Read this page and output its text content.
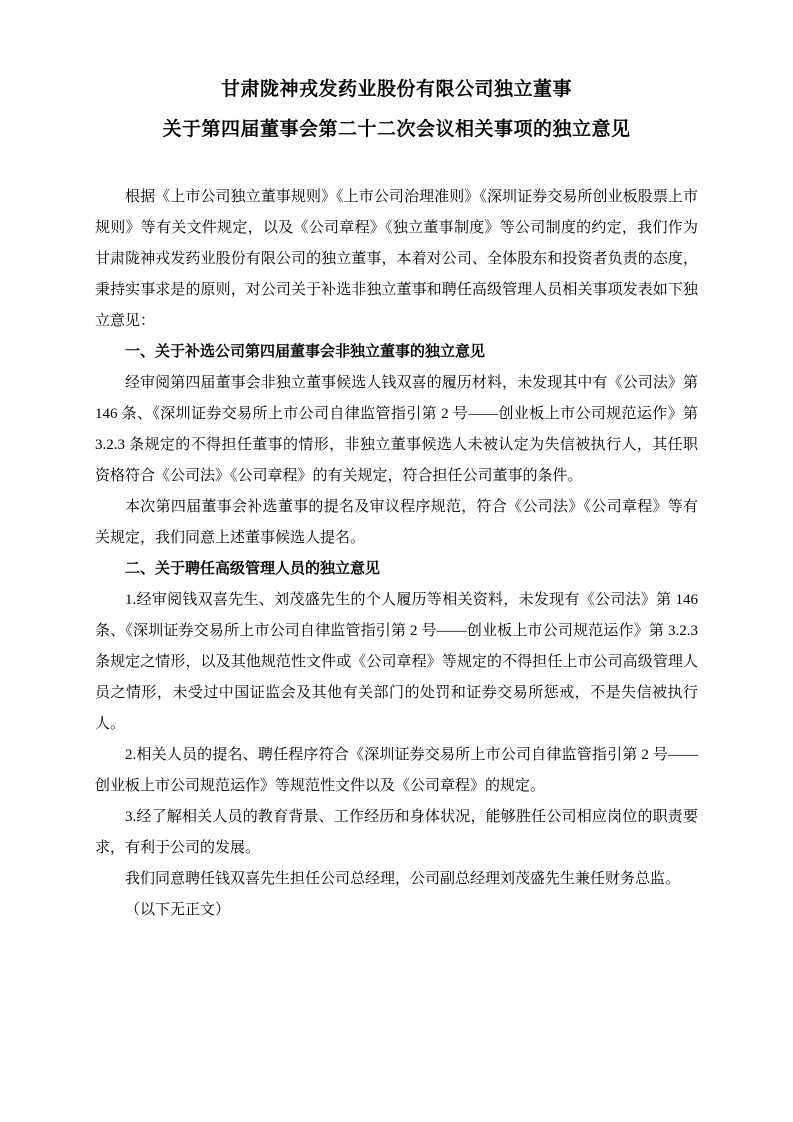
甘肃陇神戎发药业股份有限公司独立董事
关于第四届董事会第二十二次会议相关事项的独立意见

根据《上市公司独立董事规则》《上市公司治理准则》《深圳证券交易所创业板股票上市规则》等有关文件规定，以及《公司章程》《独立董事制度》等公司制度的约定，我们作为甘肃陇神戎发药业股份有限公司的独立董事，本着对公司、全体股东和投资者负责的态度，秉持实事求是的原则，对公司关于补选非独立董事和聘任高级管理人员相关事项发表如下独立意见：

一、关于补选公司第四届董事会非独立董事的独立意见

经审阅第四届董事会非独立董事候选人钱双喜的履历材料，未发现其中有《公司法》第 146 条、《深圳证券交易所上市公司自律监管指引第 2 号——创业板上市公司规范运作》第 3.2.3 条规定的不得担任董事的情形，非独立董事候选人未被认定为失信被执行人，其任职资格符合《公司法》《公司章程》的有关规定，符合担任公司董事的条件。

本次第四届董事会补选董事的提名及审议程序规范，符合《公司法》《公司章程》等有关规定，我们同意上述董事候选人提名。

二、关于聘任高级管理人员的独立意见

1.经审阅钱双喜先生、刘茂盛先生的个人履历等相关资料，未发现有《公司法》第 146 条、《深圳证券交易所上市公司自律监管指引第 2 号——创业板上市公司规范运作》第 3.2.3 条规定之情形，以及其他规范性文件或《公司章程》等规定的不得担任上市公司高级管理人员之情形，未受过中国证监会及其他有关部门的处罚和证券交易所惩戒，不是失信被执行人。

2.相关人员的提名、聘任程序符合《深圳证券交易所上市公司自律监管指引第 2 号——创业板上市公司规范运作》等规范性文件以及《公司章程》的规定。

3.经了解相关人员的教育背景、工作经历和身体状况，能够胜任公司相应岗位的职责要求，有利于公司的发展。

我们同意聘任钱双喜先生担任公司总经理，公司副总经理刘茂盛先生兼任财务总监。

（以下无正文）
